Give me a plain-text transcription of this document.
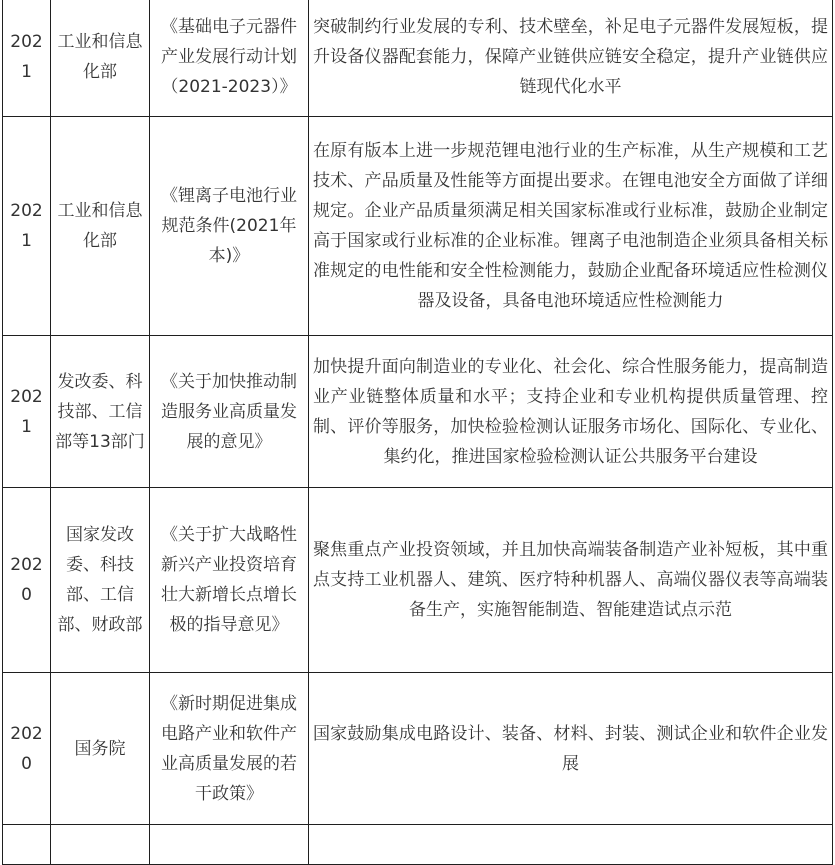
2021	工业和信息化部	《基础电子元器件产业发展行动计划（2021-2023）》	突破制约行业发展的专利、技术壁垒，补足电子元器件发展短板，提升设备仪器配套能力，保障产业链供应链安全稳定，提升产业链供应链现代化水平

2021	工业和信息化部	《锂离子电池行业规范条件(2021年本)》	在原有版本上进一步规范锂电池行业的生产标准，从生产规模和工艺技术、产品质量及性能等方面提出要求。在锂电池安全方面做了详细规定。企业产品质量须满足相关国家标准或行业标准，鼓励企业制定高于国家或行业标准的企业标准。锂离子电池制造企业须具备相关标准规定的电性能和安全性检测能力，鼓励企业配备环境适应性检测仪器及设备，具备电池环境适应性检测能力

2021	发改委、科技部、工信部等13部门	《关于加快推动制造服务业高质量发展的意见》	加快提升面向制造业的专业化、社会化、综合性服务能力，提高制造业产业链整体质量和水平；支持企业和专业机构提供质量管理、控制、评价等服务，加快检验检测认证服务市场化、国际化、专业化、集约化，推进国家检验检测认证公共服务平台建设

2020	国家发改委、科技部、工信部、财政部	《关于扩大战略性新兴产业投资培育壮大新增长点增长极的指导意见》	聚焦重点产业投资领域，并且加快高端装备制造产业补短板，其中重点支持工业机器人、建筑、医疗特种机器人、高端仪器仪表等高端装备生产，实施智能制造、智能建造试点示范

2020	国务院	《新时期促进集成电路产业和软件产业高质量发展的若干政策》	国家鼓励集成电路设计、装备、材料、封装、测试企业和软件企业发展
